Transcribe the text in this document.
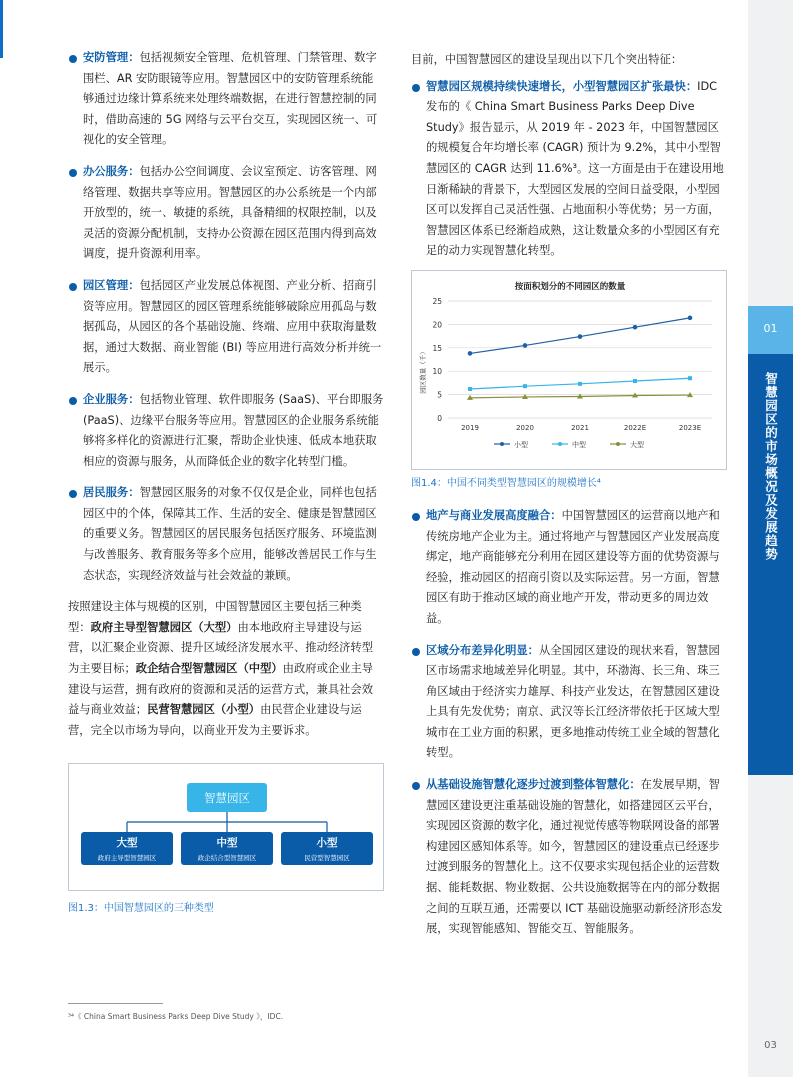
安防管理：包括视频安全管理、危机管理、门禁管理、数字围栏、AR 安防眼镜等应用。智慧园区中的安防管理系统能够通过边缘计算系统来处理终端数据，在进行智慧控制的同时，借助高速的 5G 网络与云平台交互，实现园区统一、可视化的安全管理。
办公服务：包括办公空间调度、会议室预定、访客管理、网络管理、数据共享等应用。智慧园区的办公系统是一个内部开放型的，统一、敏捷的系统，具备精细的权限控制，以及灵活的资源分配机制，支持办公资源在园区范围内得到高效调度，提升资源利用率。
园区管理：包括园区产业发展总体视图、产业分析、招商引资等应用。智慧园区的园区管理系统能够破除应用孤岛与数据孤岛，从园区的各个基础设施、终端、应用中获取海量数据，通过大数据、商业智能 (BI) 等应用进行高效分析并统一展示。
企业服务：包括物业管理、软件即服务 (SaaS)、平台即服务 (PaaS)、边缘平台服务等应用。智慧园区的企业服务系统能够将多样化的资源进行汇聚，帮助企业快速、低成本地获取相应的资源与服务，从而降低企业的数字化转型门槛。
居民服务：智慧园区服务的对象不仅仅是企业，同样也包括园区中的个体，保障其工作、生活的安全、健康是智慧园区的重要义务。智慧园区的居民服务包括医疗服务、环境监测与改善服务、教育服务等多个应用，能够改善居民工作与生态状态，实现经济效益与社会效益的兼顾。

按照建设主体与规模的区别，中国智慧园区主要包括三种类型：政府主导型智慧园区（大型）由本地政府主导建设与运营，以汇聚企业资源、提升区域经济发展水平、推动经济转型为主要目标；政企结合型智慧园区（中型）由政府或企业主导建设与运营，拥有政府的资源和灵活的运营方式，兼具社会效益与商业效益；民营智慧园区（小型）由民营企业建设与运营，完全以市场为导向，以商业开发为主要诉求。

智慧园区
大型
政府主导型智慧园区
中型
政企结合型智慧园区
小型
民营型智慧园区
图1.3：中国智慧园区的三种类型

目前，中国智慧园区的建设呈现出以下几个突出特征：

智慧园区规模持续快速增长，小型智慧园区扩张最快：IDC 发布的《 China Smart Business Parks Deep Dive Study》报告显示，从 2019 年 - 2023 年，中国智慧园区的规模复合年均增长率 (CAGR) 预计为 9.2%，其中小型智慧园区的 CAGR 达到 11.6%³。这一方面是由于在建设用地日渐稀缺的背景下，大型园区发展的空间日益受限，小型园区可以发挥自己灵活性强、占地面积小等优势；另一方面，智慧园区体系已经渐趋成熟，这让数量众多的小型园区有充足的动力实现智慧化转型。
按面积划分的不同园区的数量
园区数量（千）
0
5
10
15
20
25
2019	2020	2021	2022E	2023E
小型	中型	大型
图1.4：中国不同类型智慧园区的规模增长⁴
地产与商业发展高度融合：中国智慧园区的运营商以地产和传统房地产企业为主。通过将地产与智慧园区产业发展高度绑定，地产商能够充分利用在园区建设等方面的优势资源与经验，推动园区的招商引资以及实际运营。另一方面，智慧园区有助于推动区域的商业地产开发，带动更多的周边效益。
区域分布差异化明显：从全国园区建设的现状来看，智慧园区市场需求地域差异化明显。其中，环渤海、长三角、珠三角区域由于经济实力雄厚、科技产业发达，在智慧园区建设上具有先发优势；南京、武汉等长江经济带依托于区域大型城市在工业方面的积累，更多地推动传统工业全域的智慧化转型。
从基础设施智慧化逐步过渡到整体智慧化：在发展早期，智慧园区建设更注重基础设施的智慧化，如搭建园区云平台，实现园区资源的数字化，通过视觉传感等物联网设备的部署构建园区感知体系等。如今，智慧园区的建设重点已经逐步过渡到服务的智慧化上。这不仅要求实现包括企业的运营数据、能耗数据、物业数据、公共设施数据等在内的部分数据之间的互联互通，还需要以 ICT 基础设施驱动新经济形态发展，实现智能感知、智能交互、智能服务。
³⁴《 China Smart Business Parks Deep Dive Study 》，IDC.
01
智慧园区的市场概况及发展趋势
03
